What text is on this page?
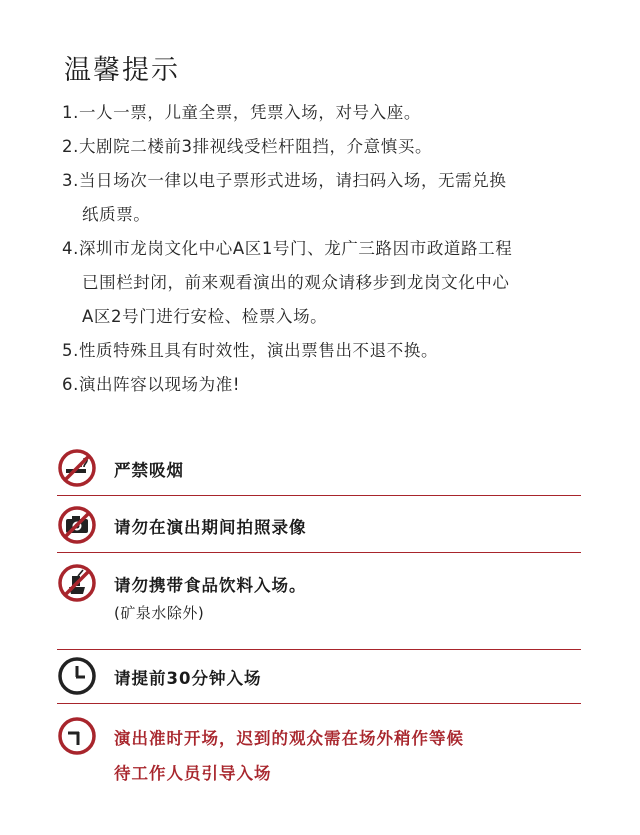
温馨提示
1.一人一票，儿童全票，凭票入场，对号入座。
2.大剧院二楼前3排视线受栏杆阻挡，介意慎买。
3.当日场次一律以电子票形式进场，请扫码入场，无需兑换
纸质票。
4.深圳市龙岗文化中心A区1号门、龙广三路因市政道路工程
已围栏封闭，前来观看演出的观众请移步到龙岗文化中心
A区2号门进行安检、检票入场。
5.性质特殊且具有时效性，演出票售出不退不换。
6.演出阵容以现场为准!
严禁吸烟
请勿在演出期间拍照录像
请勿携带食品饮料入场。
(矿泉水除外)
请提前30分钟入场
演出准时开场，迟到的观众需在场外稍作等候
待工作人员引导入场
